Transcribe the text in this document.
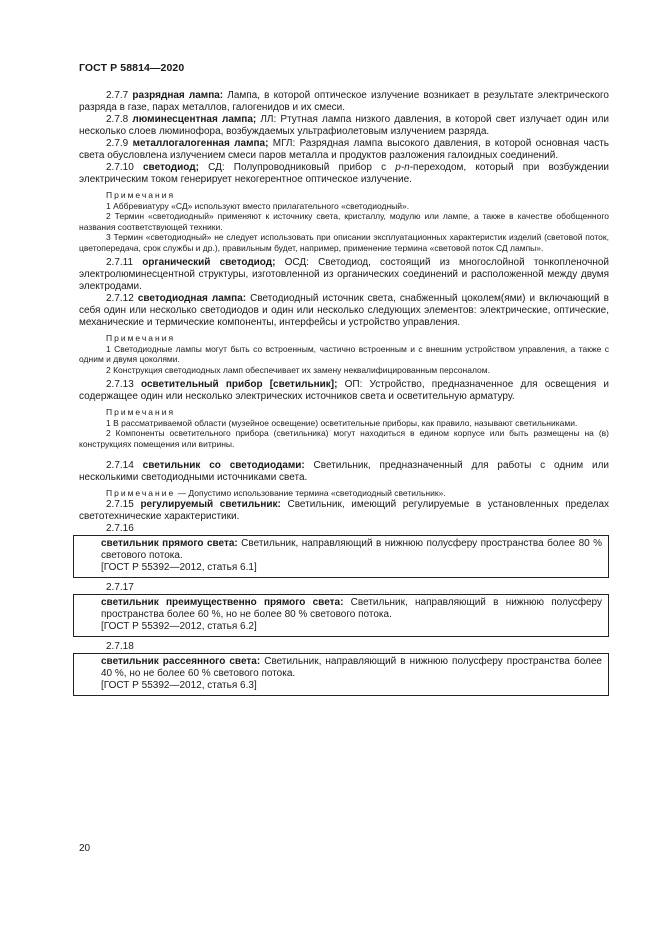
ГОСТ Р 58814—2020

2.7.7 разрядная лампа: Лампа, в которой оптическое излучение возникает в результате электрического разряда в газе, парах металлов, галогенидов и их смеси.

2.7.8 люминесцентная лампа; ЛЛ: Ртутная лампа низкого давления, в которой свет излучает один или несколько слоев люминофора, возбуждаемых ультрафиолетовым излучением разряда.

2.7.9 металлогалогенная лампа; МГЛ: Разрядная лампа высокого давления, в которой основная часть света обусловлена излучением смеси паров металла и продуктов разложения галоидных соединений.

2.7.10 светодиод; СД: Полупроводниковый прибор с p-n-переходом, который при возбуждении электрическим током генерирует некогерентное оптическое излучение.

Примечания

1 Аббревиатуру «СД» используют вместо прилагательного «светодиодный».

2 Термин «светодиодный» применяют к источнику света, кристаллу, модулю или лампе, а также в качестве обобщенного названия соответствующей техники.

3 Термин «светодиодный» не следует использовать при описании эксплуатационных характеристик изделий (световой поток, цветопередача, срок службы и др.), правильным будет, например, применение термина «световой поток СД лампы».

2.7.11 органический светодиод; ОСД: Светодиод, состоящий из многослойной тонкопленочной электролюминесцентной структуры, изготовленной из органических соединений и расположенной между двумя электродами.

2.7.12 светодиодная лампа: Светодиодный источник света, снабженный цоколем(ями) и включающий в себя один или несколько светодиодов и один или несколько следующих элементов: электрические, оптические, механические и термические компоненты, интерфейсы и устройство управления.

Примечания

1 Светодиодные лампы могут быть со встроенным, частично встроенным и с внешним устройством управления, а также с одним и двумя цоколями.

2 Конструкция светодиодных ламп обеспечивает их замену неквалифицированным персоналом.

2.7.13 осветительный прибор [светильник]; ОП: Устройство, предназначенное для освещения и содержащее один или несколько электрических источников света и осветительную арматуру.

Примечания

1 В рассматриваемой области (музейное освещение) осветительные приборы, как правило, называют светильниками.

2 Компоненты осветительного прибора (светильника) могут находиться в едином корпусе или быть размещены на (в) конструкциях помещения или витрины.

2.7.14 светильник со светодиодами: Светильник, предназначенный для работы с одним или несколькими светодиодными источниками света.

Примечание — Допустимо использование термина «светодиодный светильник».

2.7.15 регулируемый светильник: Светильник, имеющий регулируемые в установленных пределах светотехнические характеристики.

2.7.16

светильник прямого света: Светильник, направляющий в нижнюю полусферу пространства более 80 % светового потока.

[ГОСТ Р 55392—2012, статья 6.1]

2.7.17

светильник преимущественно прямого света: Светильник, направляющий в нижнюю полусферу пространства более 60 %, но не более 80 % светового потока.

[ГОСТ Р 55392—2012, статья 6.2]

2.7.18

светильник рассеянного света: Светильник, направляющий в нижнюю полусферу пространства более 40 %, но не более 60 % светового потока.

[ГОСТ Р 55392—2012, статья 6.3]

20
